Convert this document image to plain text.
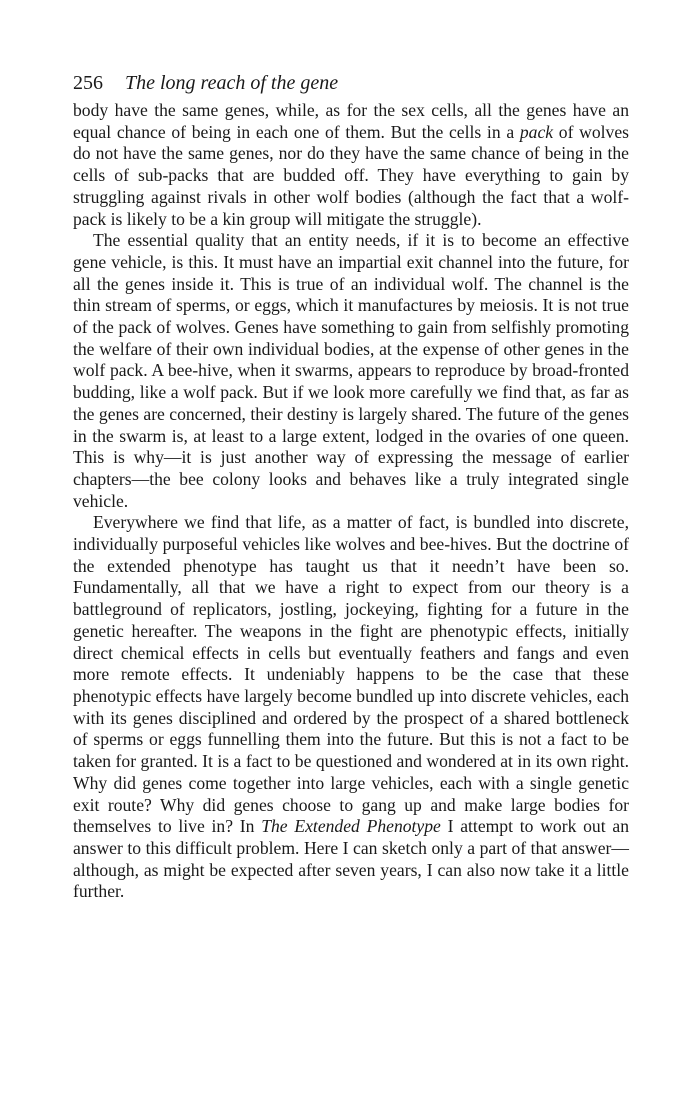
256 The long reach of the gene

body have the same genes, while, as for the sex cells, all the genes have an equal chance of being in each one of them. But the cells in a pack of wolves do not have the same genes, nor do they have the same chance of being in the cells of sub-packs that are budded off. They have everything to gain by struggling against rivals in other wolf bodies (although the fact that a wolf-pack is likely to be a kin group will mitigate the struggle).

The essential quality that an entity needs, if it is to become an effective gene vehicle, is this. It must have an impartial exit channel into the future, for all the genes inside it. This is true of an individual wolf. The channel is the thin stream of sperms, or eggs, which it manufactures by meiosis. It is not true of the pack of wolves. Genes have something to gain from selfishly promoting the welfare of their own individual bodies, at the expense of other genes in the wolf pack. A bee-hive, when it swarms, appears to reproduce by broad-fronted budding, like a wolf pack. But if we look more carefully we find that, as far as the genes are concerned, their destiny is largely shared. The future of the genes in the swarm is, at least to a large extent, lodged in the ovaries of one queen. This is why—it is just another way of expressing the message of earlier chapters—the bee colony looks and behaves like a truly integrated single vehicle.

Everywhere we find that life, as a matter of fact, is bundled into discrete, individually purposeful vehicles like wolves and bee-hives. But the doctrine of the extended phenotype has taught us that it needn’t have been so. Fundamentally, all that we have a right to expect from our theory is a battleground of replicators, jostling, jockeying, fighting for a future in the genetic hereafter. The weapons in the fight are phenotypic effects, initially direct chemical effects in cells but eventually feathers and fangs and even more remote effects. It undeniably happens to be the case that these phenotypic effects have largely become bundled up into discrete vehicles, each with its genes disciplined and ordered by the prospect of a shared bottleneck of sperms or eggs funnelling them into the future. But this is not a fact to be taken for granted. It is a fact to be questioned and wondered at in its own right. Why did genes come together into large vehicles, each with a single genetic exit route? Why did genes choose to gang up and make large bodies for themselves to live in? In The Extended Phenotype I attempt to work out an answer to this difficult problem. Here I can sketch only a part of that answer—although, as might be expected after seven years, I can also now take it a little further.
